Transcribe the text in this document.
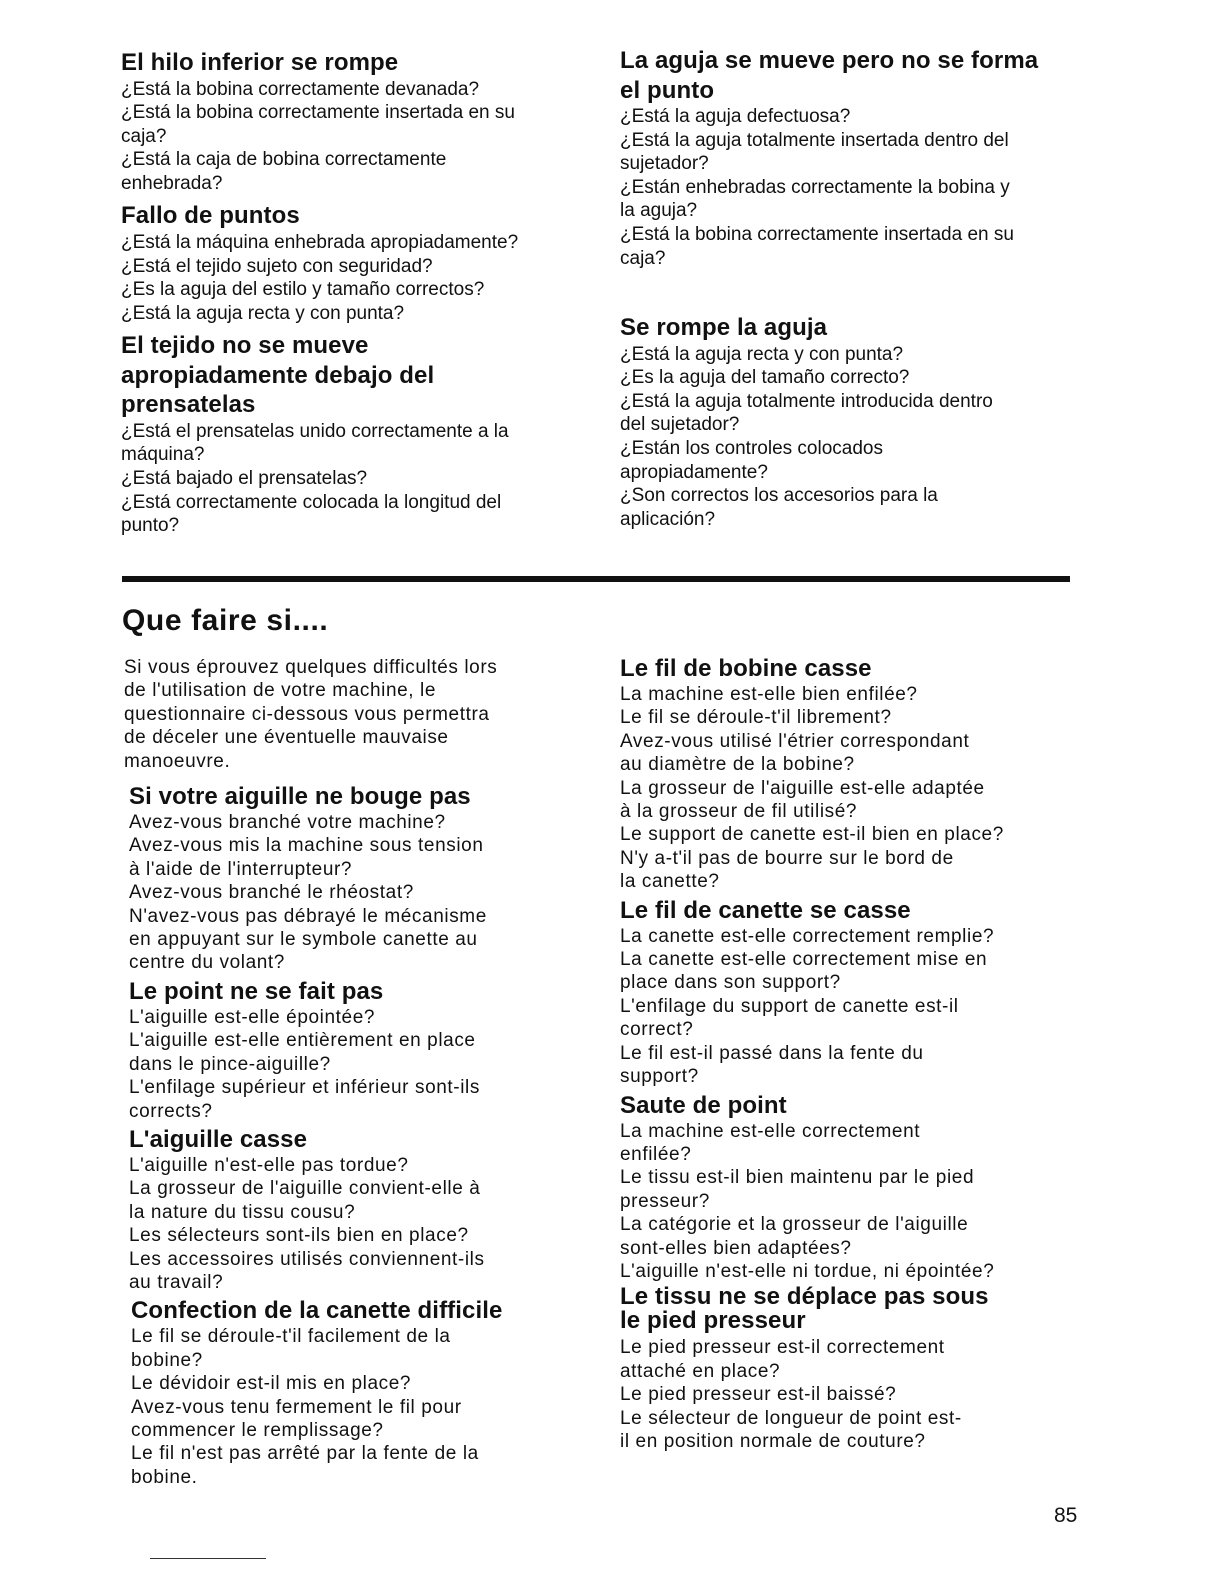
El hilo inferior se rompe
¿Está la bobina correctamente devanada?
¿Está la bobina correctamente insertada en su
caja?
¿Está la caja de bobina correctamente
enhebrada?
Fallo de puntos
¿Está la máquina enhebrada apropiadamente?
¿Está el tejido sujeto con seguridad?
¿Es la aguja del estilo y tamaño correctos?
¿Está la aguja recta y con punta?
El tejido no se mueve apropiadamente debajo del prensatelas
¿Está el prensatelas unido correctamente a la
máquina?
¿Está bajado el prensatelas?
¿Está correctamente colocada la longitud del
punto?
La aguja se mueve pero no se forma el punto
¿Está la aguja defectuosa?
¿Está la aguja totalmente insertada dentro del
sujetador?
¿Están enhebradas correctamente la bobina y
la aguja?
¿Está la bobina correctamente insertada en su
caja?
Se rompe la aguja
¿Está la aguja recta y con punta?
¿Es la aguja del tamaño correcto?
¿Está la aguja totalmente introducida dentro
del sujetador?
¿Están los controles colocados
apropiadamente?
¿Son correctos los accesorios para la
aplicación?
Que faire si....
Si vous éprouvez quelques difficultés lors
de l'utilisation de votre machine, le
questionnaire ci-dessous vous permettra
de déceler une éventuelle mauvaise
manoeuvre.
Si votre aiguille ne bouge pas
Avez-vous branché votre machine?
Avez-vous mis la machine sous tension
à l'aide de l'interrupteur?
Avez-vous branché le rhéostat?
N'avez-vous pas débrayé le mécanisme
en appuyant sur le symbole canette au
centre du volant?
Le point ne se fait pas
L'aiguille est-elle épointée?
L'aiguille est-elle entièrement en place
dans le pince-aiguille?
L'enfilage supérieur et inférieur sont-ils
corrects?
L'aiguille casse
L'aiguille n'est-elle pas tordue?
La grosseur de l'aiguille convient-elle à
la nature du tissu cousu?
Les sélecteurs sont-ils bien en place?
Les accessoires utilisés conviennent-ils
au travail?
Confection de la canette difficile
Le fil se déroule-t'il facilement de la
bobine?
Le dévidoir est-il mis en place?
Avez-vous tenu fermement le fil pour
commencer le remplissage?
Le fil n'est pas arrêté par la fente de la
bobine.
Le fil de bobine casse
La machine est-elle bien enfilée?
Le fil se déroule-t'il librement?
Avez-vous utilisé l'étrier correspondant
au diamètre de la bobine?
La grosseur de l'aiguille est-elle adaptée
à la grosseur de fil utilisé?
Le support de canette est-il bien en place?
N'y a-t'il pas de bourre sur le bord de
la canette?
Le fil de canette se casse
La canette est-elle correctement remplie?
La canette est-elle correctement mise en
place dans son support?
L'enfilage du support de canette est-il
correct?
Le fil est-il passé dans la fente du
support?
Saute de point
La machine est-elle correctement
enfilée?
Le tissu est-il bien maintenu par le pied
presseur?
La catégorie et la grosseur de l'aiguille
sont-elles bien adaptées?
L'aiguille n'est-elle ni tordue, ni épointée?
Le tissu ne se déplace pas sous le pied presseur
Le pied presseur est-il correctement
attaché en place?
Le pied presseur est-il baissé?
Le sélecteur de longueur de point est-
il en position normale de couture?
85
